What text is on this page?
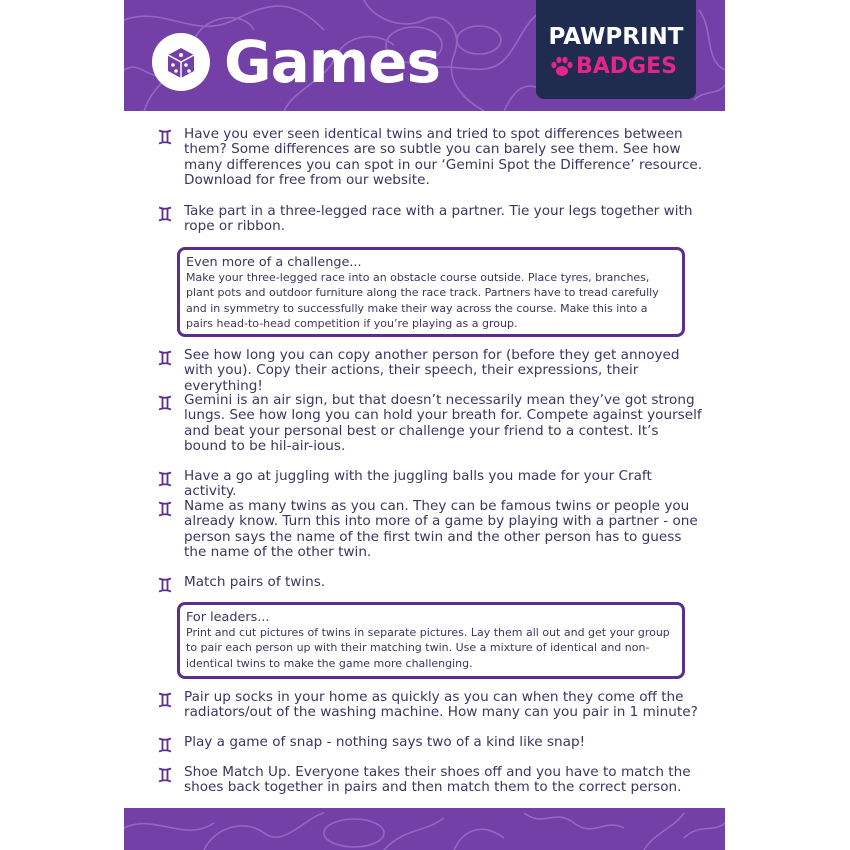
Games	PAWPRINT
BADGES
Have you ever seen identical twins and tried to spot differences between them? Some differences are so subtle you can barely see them. See how many differences you can spot in our ‘Gemini Spot the Difference’ resource. Download for free from our website.
Take part in a three-legged race with a partner. Tie your legs together with rope or ribbon.
Even more of a challenge...
Make your three-legged race into an obstacle course outside. Place tyres, branches, plant pots and outdoor furniture along the race track. Partners have to tread carefully and in symmetry to successfully make their way across the course. Make this into a pairs head-to-head competition if you’re playing as a group.
See how long you can copy another person for (before they get annoyed with you). Copy their actions, their speech, their expressions, their everything!
Gemini is an air sign, but that doesn’t necessarily mean they’ve got strong lungs. See how long you can hold your breath for. Compete against yourself and beat your personal best or challenge your friend to a contest. It’s bound to be hil-air-ious.
Have a go at juggling with the juggling balls you made for your Craft activity.
Name as many twins as you can. They can be famous twins or people you already know. Turn this into more of a game by playing with a partner - one person says the name of the first twin and the other person has to guess the name of the other twin.
Match pairs of twins.
For leaders...
Print and cut pictures of twins in separate pictures. Lay them all out and get your group to pair each person up with their matching twin. Use a mixture of identical and non-identical twins to make the game more challenging.
Pair up socks in your home as quickly as you can when they come off the radiators/out of the washing machine. How many can you pair in 1 minute?
Play a game of snap - nothing says two of a kind like snap!
Shoe Match Up. Everyone takes their shoes off and you have to match the shoes back together in pairs and then match them to the correct person.
